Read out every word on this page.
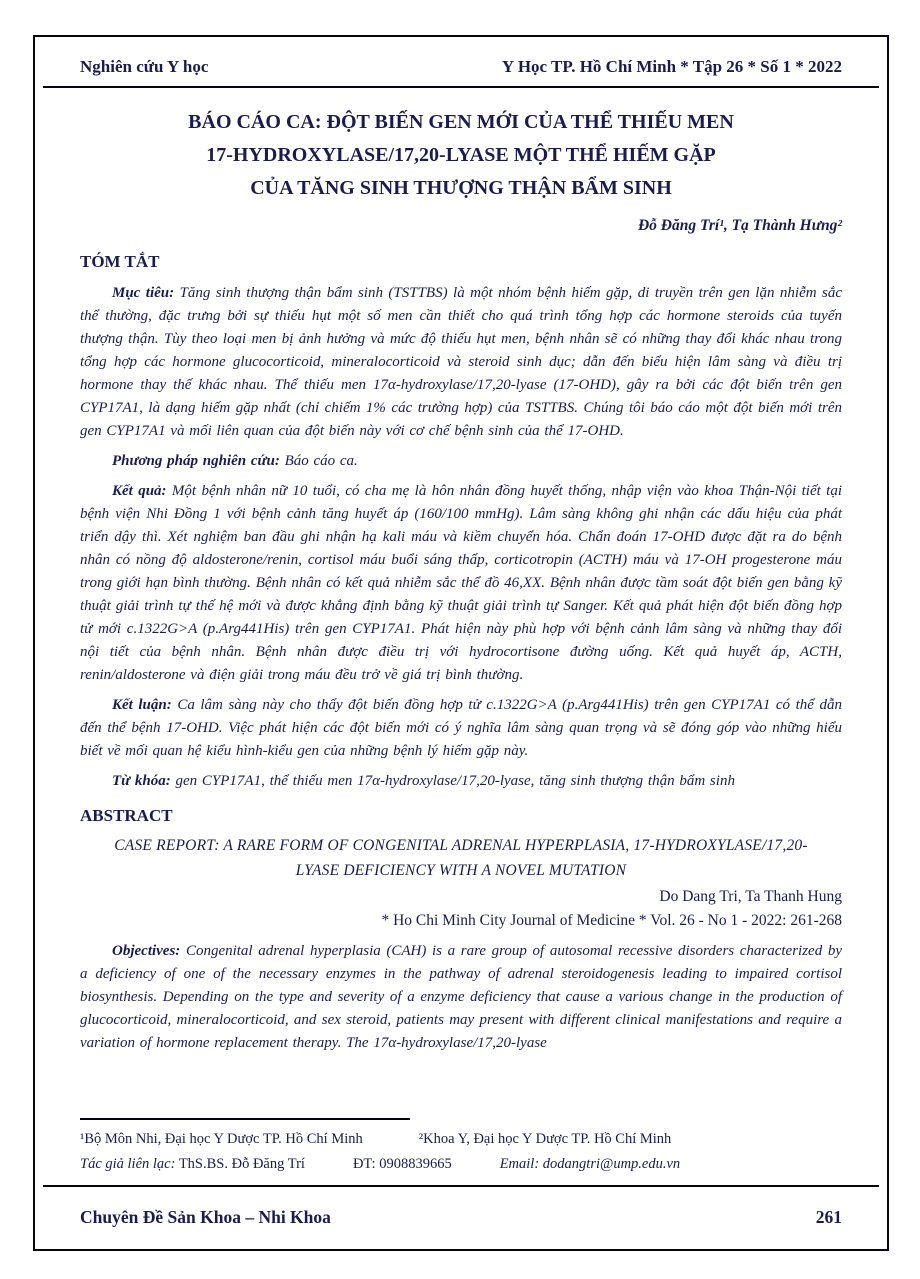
Nghiên cứu Y học	Y Học TP. Hồ Chí Minh * Tập 26 * Số 1 * 2022
BÁO CÁO CA: ĐỘT BIẾN GEN MỚI CỦA THỂ THIẾU MEN
17-HYDROXYLASE/17,20-LYASE MỘT THỂ HIẾM GẶP
CỦA TĂNG SINH THƯỢNG THẬN BẨM SINH
Đỗ Đăng Trí¹, Tạ Thành Hưng²
TÓM TẮT

Mục tiêu: Tăng sinh thượng thận bẩm sinh (TSTTBS) là một nhóm bệnh hiếm gặp, di truyền trên gen lặn nhiễm sắc thể thường, đặc trưng bởi sự thiếu hụt một số men cần thiết cho quá trình tổng hợp các hormone steroids của tuyến thượng thận. Tùy theo loại men bị ảnh hưởng và mức độ thiếu hụt men, bệnh nhân sẽ có những thay đổi khác nhau trong tổng hợp các hormone glucocorticoid, mineralocorticoid và steroid sinh dục; dẫn đến biểu hiện lâm sàng và điều trị hormone thay thế khác nhau. Thể thiếu men 17α-hydroxylase/17,20-lyase (17-OHD), gây ra bởi các đột biến trên gen CYP17A1, là dạng hiếm gặp nhất (chỉ chiếm 1% các trường hợp) của TSTTBS. Chúng tôi báo cáo một đột biến mới trên gen CYP17A1 và mối liên quan của đột biến này với cơ chế bệnh sinh của thể 17-OHD.

Phương pháp nghiên cứu: Báo cáo ca.

Kết quả: Một bệnh nhân nữ 10 tuổi, có cha mẹ là hôn nhân đồng huyết thống, nhập viện vào khoa Thận-Nội tiết tại bệnh viện Nhi Đồng 1 với bệnh cảnh tăng huyết áp (160/100 mmHg). Lâm sàng không ghi nhận các dấu hiệu của phát triển dậy thì. Xét nghiệm ban đầu ghi nhận hạ kali máu và kiềm chuyển hóa. Chẩn đoán 17-OHD được đặt ra do bệnh nhân có nồng độ aldosterone/renin, cortisol máu buổi sáng thấp, corticotropin (ACTH) máu và 17-OH progesterone máu trong giới hạn bình thường. Bệnh nhân có kết quả nhiễm sắc thể đồ 46,XX. Bệnh nhân được tầm soát đột biến gen bằng kỹ thuật giải trình tự thế hệ mới và được khẳng định bằng kỹ thuật giải trình tự Sanger. Kết quả phát hiện đột biến đồng hợp tử mới c.1322G>A (p.Arg441His) trên gen CYP17A1. Phát hiện này phù hợp với bệnh cảnh lâm sàng và những thay đổi nội tiết của bệnh nhân. Bệnh nhân được điều trị với hydrocortisone đường uống. Kết quả huyết áp, ACTH, renin/aldosterone và điện giải trong máu đều trở về giá trị bình thường.

Kết luận: Ca lâm sàng này cho thấy đột biến đồng hợp tử c.1322G>A (p.Arg441His) trên gen CYP17A1 có thể dẫn đến thể bệnh 17-OHD. Việc phát hiện các đột biến mới có ý nghĩa lâm sàng quan trọng và sẽ đóng góp vào những hiểu biết về mối quan hệ kiểu hình-kiểu gen của những bệnh lý hiếm gặp này.

Từ khóa: gen CYP17A1, thể thiếu men 17α-hydroxylase/17,20-lyase, tăng sinh thượng thận bẩm sinh

ABSTRACT
CASE REPORT: A RARE FORM OF CONGENITAL ADRENAL HYPERPLASIA, 17-HYDROXYLASE/17,20-LYASE DEFICIENCY WITH A NOVEL MUTATION
Do Dang Tri, Ta Thanh Hung
* Ho Chi Minh City Journal of Medicine * Vol. 26 - No 1 - 2022: 261-268

Objectives: Congenital adrenal hyperplasia (CAH) is a rare group of autosomal recessive disorders characterized by a deficiency of one of the necessary enzymes in the pathway of adrenal steroidogenesis leading to impaired cortisol biosynthesis. Depending on the type and severity of a enzyme deficiency that cause a various change in the production of glucocorticoid, mineralocorticoid, and sex steroid, patients may present with different clinical manifestations and require a variation of hormone replacement therapy. The 17α-hydroxylase/17,20-lyase

¹Bộ Môn Nhi, Đại học Y Dược TP. Hồ Chí Minh	²Khoa Y, Đại học Y Dược TP. Hồ Chí Minh
Tác giả liên lạc: ThS.BS. Đỗ Đăng Trí	ĐT: 0908839665	Email: dodangtri@ump.edu.vn
Chuyên Đề Sản Khoa – Nhi Khoa	261
